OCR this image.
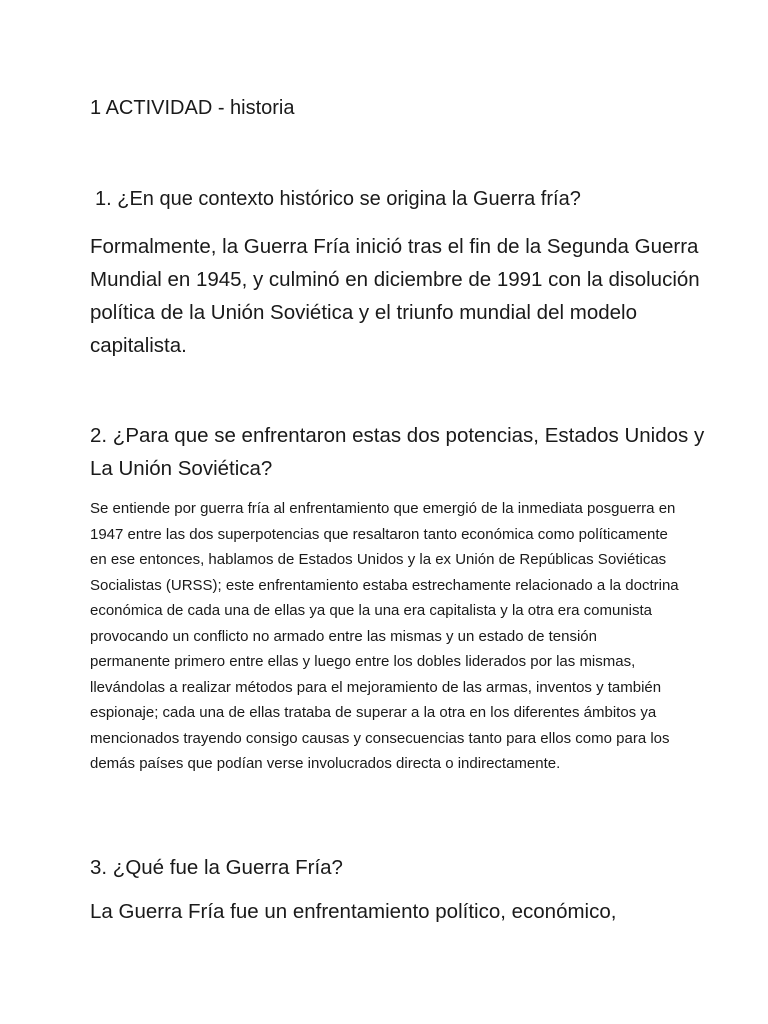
1 ACTIVIDAD - historia
1. ¿En que contexto histórico se origina la Guerra fría?
Formalmente, la Guerra Fría inició tras el fin de la Segunda Guerra Mundial en 1945, y culminó en diciembre de 1991 con la disolución política de la Unión Soviética y el triunfo mundial del modelo capitalista.
2. ¿Para que se enfrentaron estas dos potencias, Estados Unidos y La Unión Soviética?
Se entiende por guerra fría al enfrentamiento que emergió de la inmediata posguerra en 1947 entre las dos superpotencias que resaltaron tanto económica como políticamente en ese entonces, hablamos de Estados Unidos y la ex Unión de Repúblicas Soviéticas Socialistas (URSS); este enfrentamiento estaba estrechamente relacionado a la doctrina económica de cada una de ellas ya que la una era capitalista y la otra era comunista provocando un conflicto no armado entre las mismas y un estado de tensión permanente primero entre ellas y luego entre los dobles liderados por las mismas, llevándolas a realizar métodos para el mejoramiento de las armas, inventos y también espionaje; cada una de ellas trataba de superar a la otra en los diferentes ámbitos ya mencionados trayendo consigo causas y consecuencias tanto para ellos como para los demás países que podían verse involucrados directa o indirectamente.
3. ¿Qué fue la Guerra Fría?
La Guerra Fría fue un enfrentamiento político, económico,
